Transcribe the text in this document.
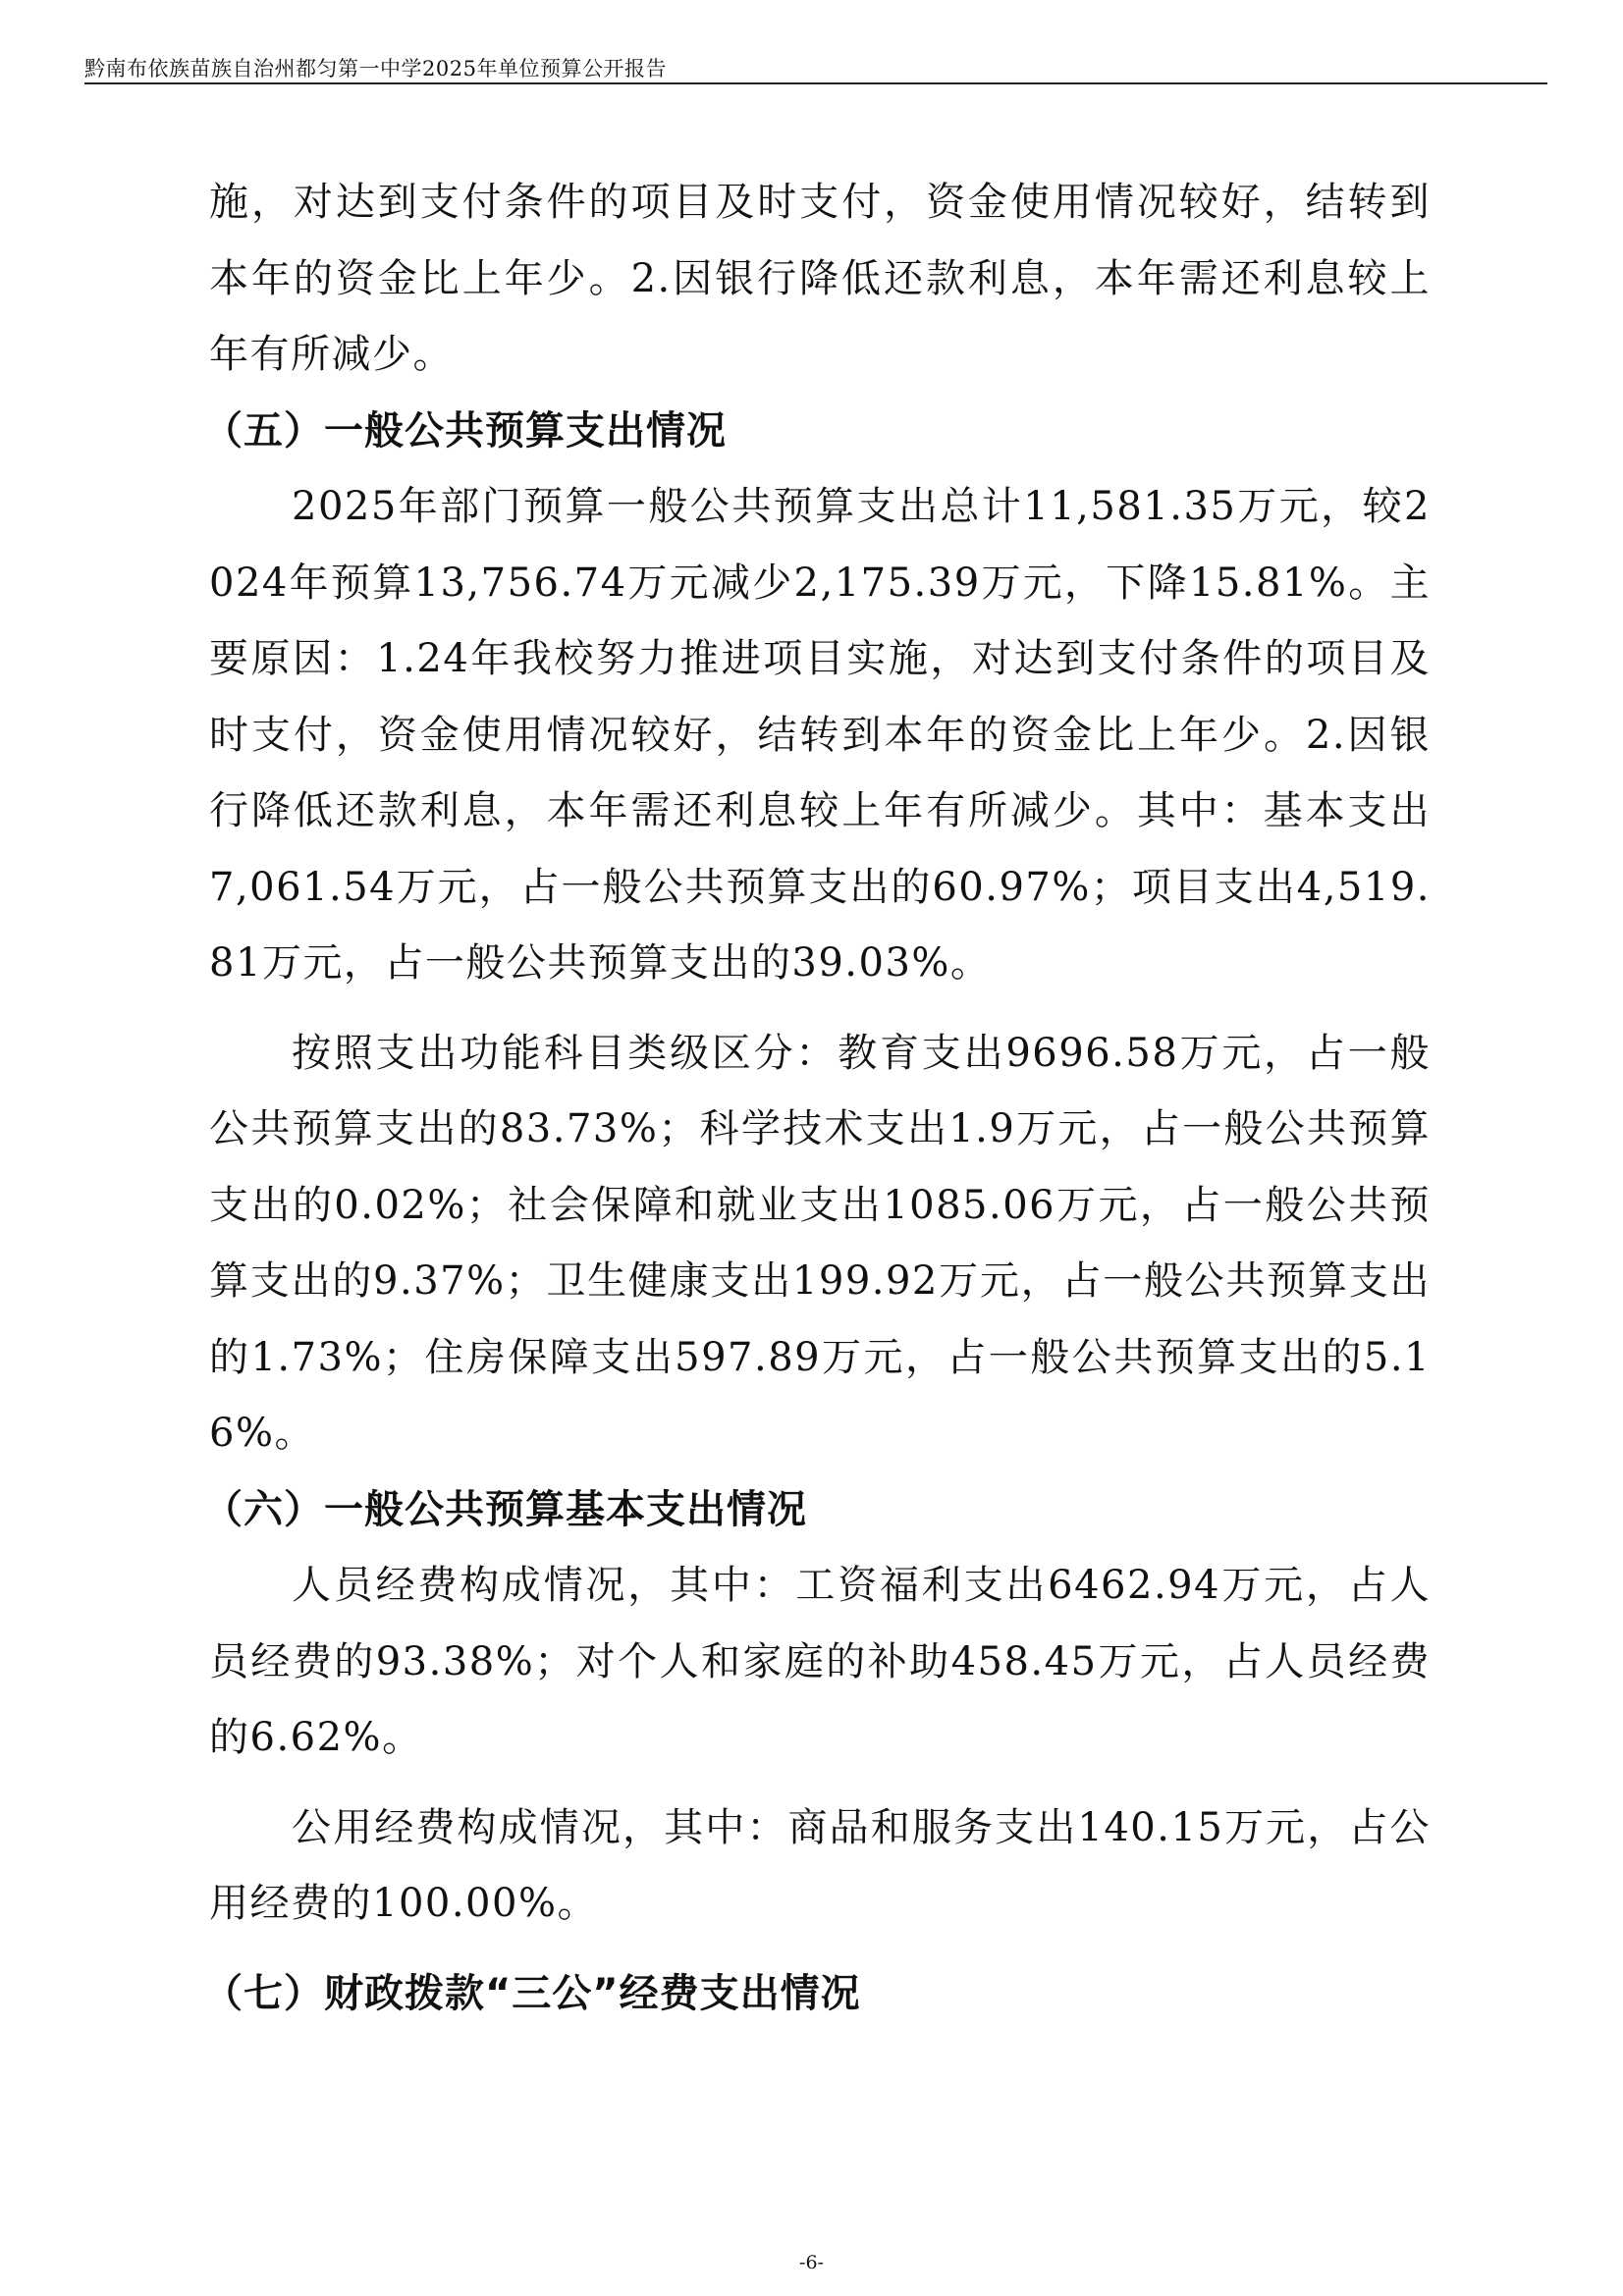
黔南布依族苗族自治州都匀第一中学2025年单位预算公开报告

施，对达到支付条件的项目及时支付，资金使用情况较好，结转到本年的资金比上年少。2.因银行降低还款利息，本年需还利息较上年有所减少。

（五）一般公共预算支出情况

2025年部门预算一般公共预算支出总计11,581.35万元，较2024年预算13,756.74万元减少2,175.39万元，下降15.81%。主要原因：1.24年我校努力推进项目实施，对达到支付条件的项目及时支付，资金使用情况较好，结转到本年的资金比上年少。2.因银行降低还款利息，本年需还利息较上年有所减少。其中：基本支出7,061.54万元，占一般公共预算支出的60.97%；项目支出4,519.81万元，占一般公共预算支出的39.03%。

按照支出功能科目类级区分：教育支出9696.58万元，占一般公共预算支出的83.73%；科学技术支出1.9万元，占一般公共预算支出的0.02%；社会保障和就业支出1085.06万元，占一般公共预算支出的9.37%；卫生健康支出199.92万元，占一般公共预算支出的1.73%；住房保障支出597.89万元，占一般公共预算支出的5.16%。

（六）一般公共预算基本支出情况

人员经费构成情况，其中：工资福利支出6462.94万元，占人员经费的93.38%；对个人和家庭的补助458.45万元，占人员经费的6.62%。

公用经费构成情况，其中：商品和服务支出140.15万元，占公用经费的100.00%。

（七）财政拨款“三公”经费支出情况
-6-
